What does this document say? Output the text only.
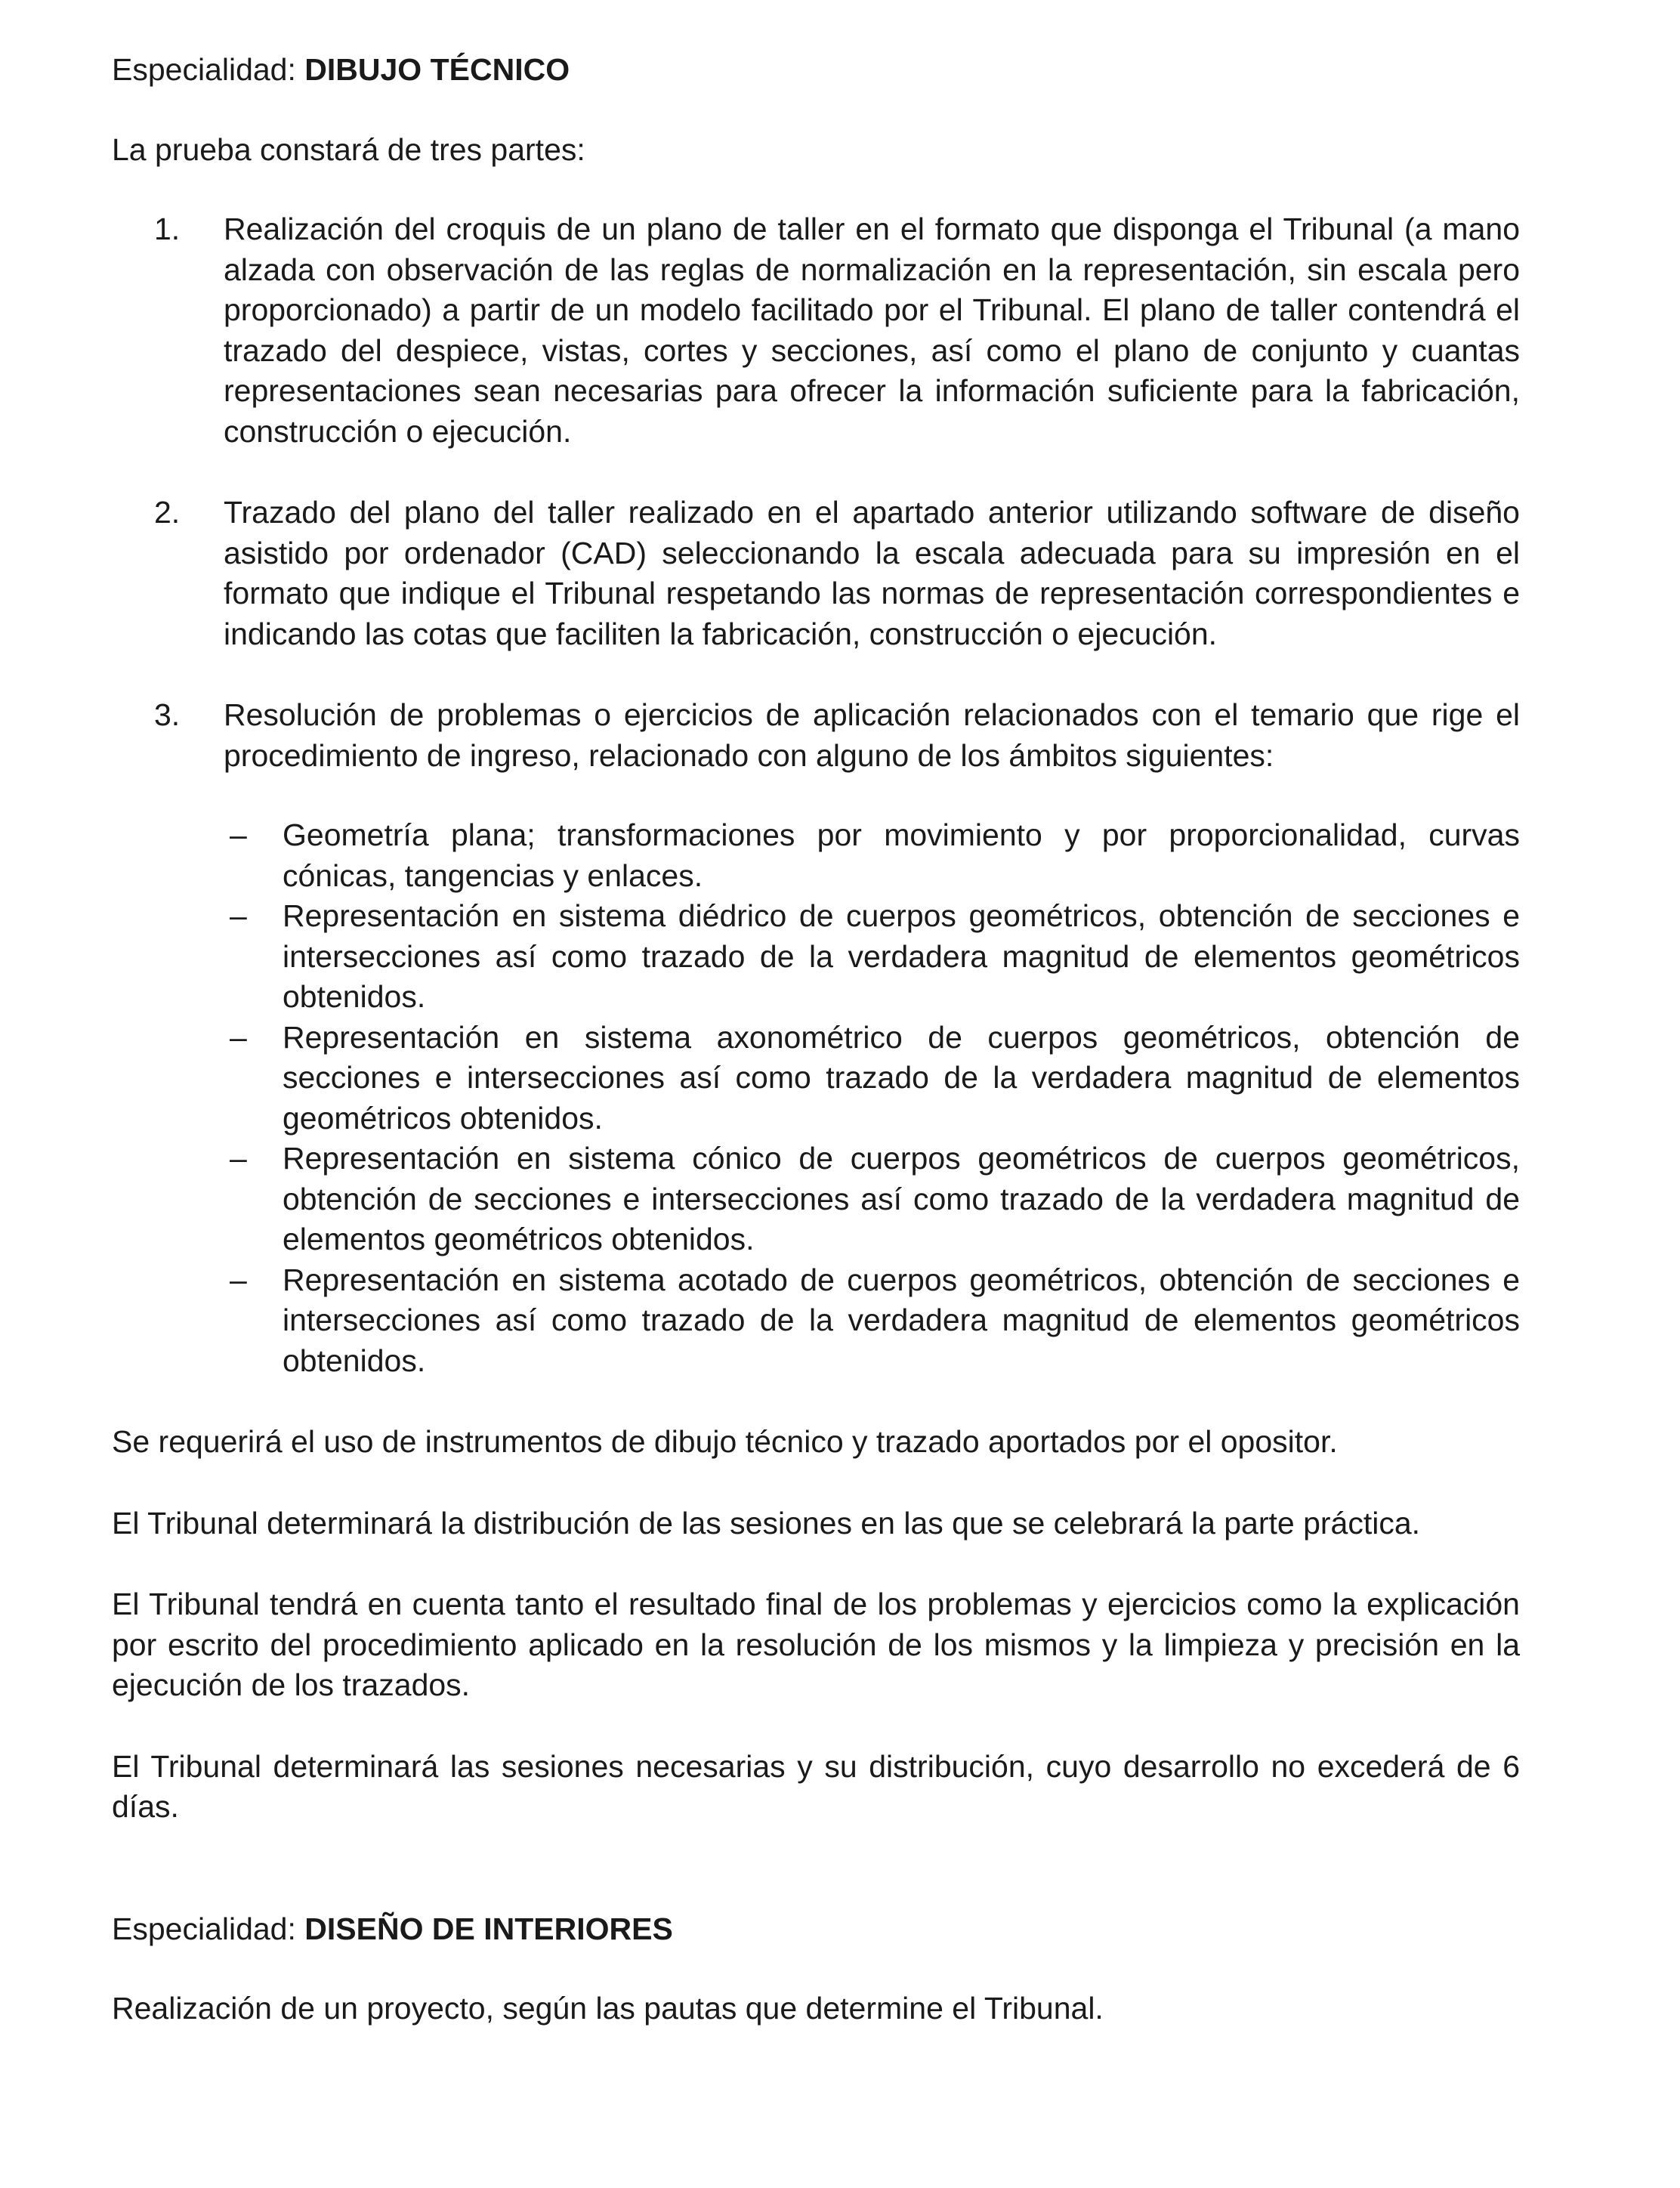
Especialidad: DIBUJO TÉCNICO

La prueba constará de tres partes:

1. Realización del croquis de un plano de taller en el formato que disponga el Tribunal (a mano alzada con observación de las reglas de normalización en la representación, sin escala pero proporcionado) a partir de un modelo facilitado por el Tribunal. El plano de taller contendrá el trazado del despiece, vistas, cortes y secciones, así como el plano de conjunto y cuantas representaciones sean necesarias para ofrecer la información suficiente para la fabricación, construcción o ejecución.
2. Trazado del plano del taller realizado en el apartado anterior utilizando software de diseño asistido por ordenador (CAD) seleccionando la escala adecuada para su impresión en el formato que indique el Tribunal respetando las normas de representación correspondientes e indicando las cotas que faciliten la fabricación, construcción o ejecución.
3. Resolución de problemas o ejercicios de aplicación relacionados con el temario que rige el procedimiento de ingreso, relacionado con alguno de los ámbitos siguientes:
– Geometría plana; transformaciones por movimiento y por proporcionalidad, curvas cónicas, tangencias y enlaces.
– Representación en sistema diédrico de cuerpos geométricos, obtención de secciones e intersecciones así como trazado de la verdadera magnitud de elementos geométricos obtenidos.
– Representación en sistema axonométrico de cuerpos geométricos, obtención de secciones e intersecciones así como trazado de la verdadera magnitud de elementos geométricos obtenidos.
– Representación en sistema cónico de cuerpos geométricos de cuerpos geométricos, obtención de secciones e intersecciones así como trazado de la verdadera magnitud de elementos geométricos obtenidos.
– Representación en sistema acotado de cuerpos geométricos, obtención de secciones e intersecciones así como trazado de la verdadera magnitud de elementos geométricos obtenidos.

Se requerirá el uso de instrumentos de dibujo técnico y trazado aportados por el opositor.

El Tribunal determinará la distribución de las sesiones en las que se celebrará la parte práctica.

El Tribunal tendrá en cuenta tanto el resultado final de los problemas y ejercicios como la explicación por escrito del procedimiento aplicado en la resolución de los mismos y la limpieza y precisión en la ejecución de los trazados.

El Tribunal determinará las sesiones necesarias y su distribución, cuyo desarrollo no excederá de 6 días.

Especialidad: DISEÑO DE INTERIORES

Realización de un proyecto, según las pautas que determine el Tribunal.
